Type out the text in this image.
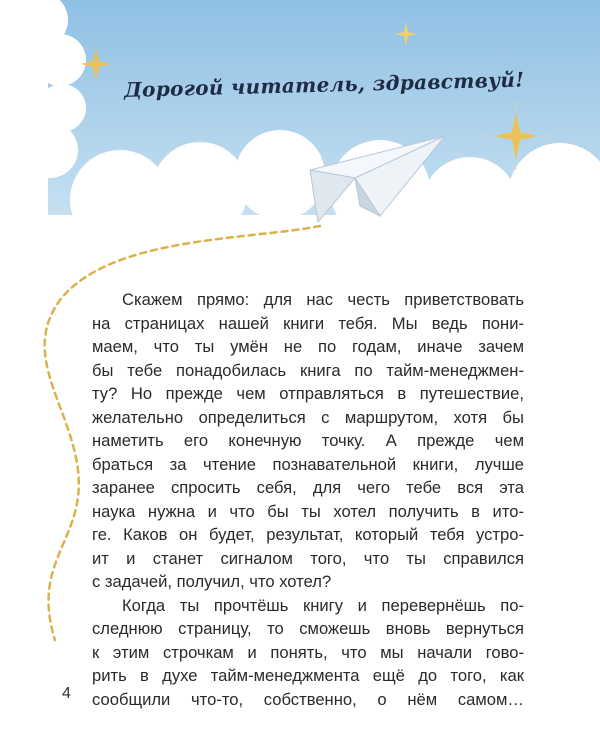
Дорогой читатель, здравствуй!
Скажем прямо: для нас честь приветствовать
на страницах нашей книги тебя. Мы ведь пони-
маем, что ты умён не по годам, иначе зачем
бы тебе понадобилась книга по тайм-менеджмен-
ту? Но прежде чем отправляться в путешествие,
желательно определиться с маршрутом, хотя бы
наметить его конечную точку. А прежде чем
браться за чтение познавательной книги, лучше
заранее спросить себя, для чего тебе вся эта
наука нужна и что бы ты хотел получить в ито-
ге. Каков он будет, результат, который тебя устро-
ит и станет сигналом того, что ты справился
с задачей, получил, что хотел?
Когда ты прочтёшь книгу и перевернёшь по-
следнюю страницу, то сможешь вновь вернуться
к этим строчкам и понять, что мы начали гово-
рить в духе тайм-менеджмента ещё до того, как
сообщили что-то, собственно, о нём самом…
4
